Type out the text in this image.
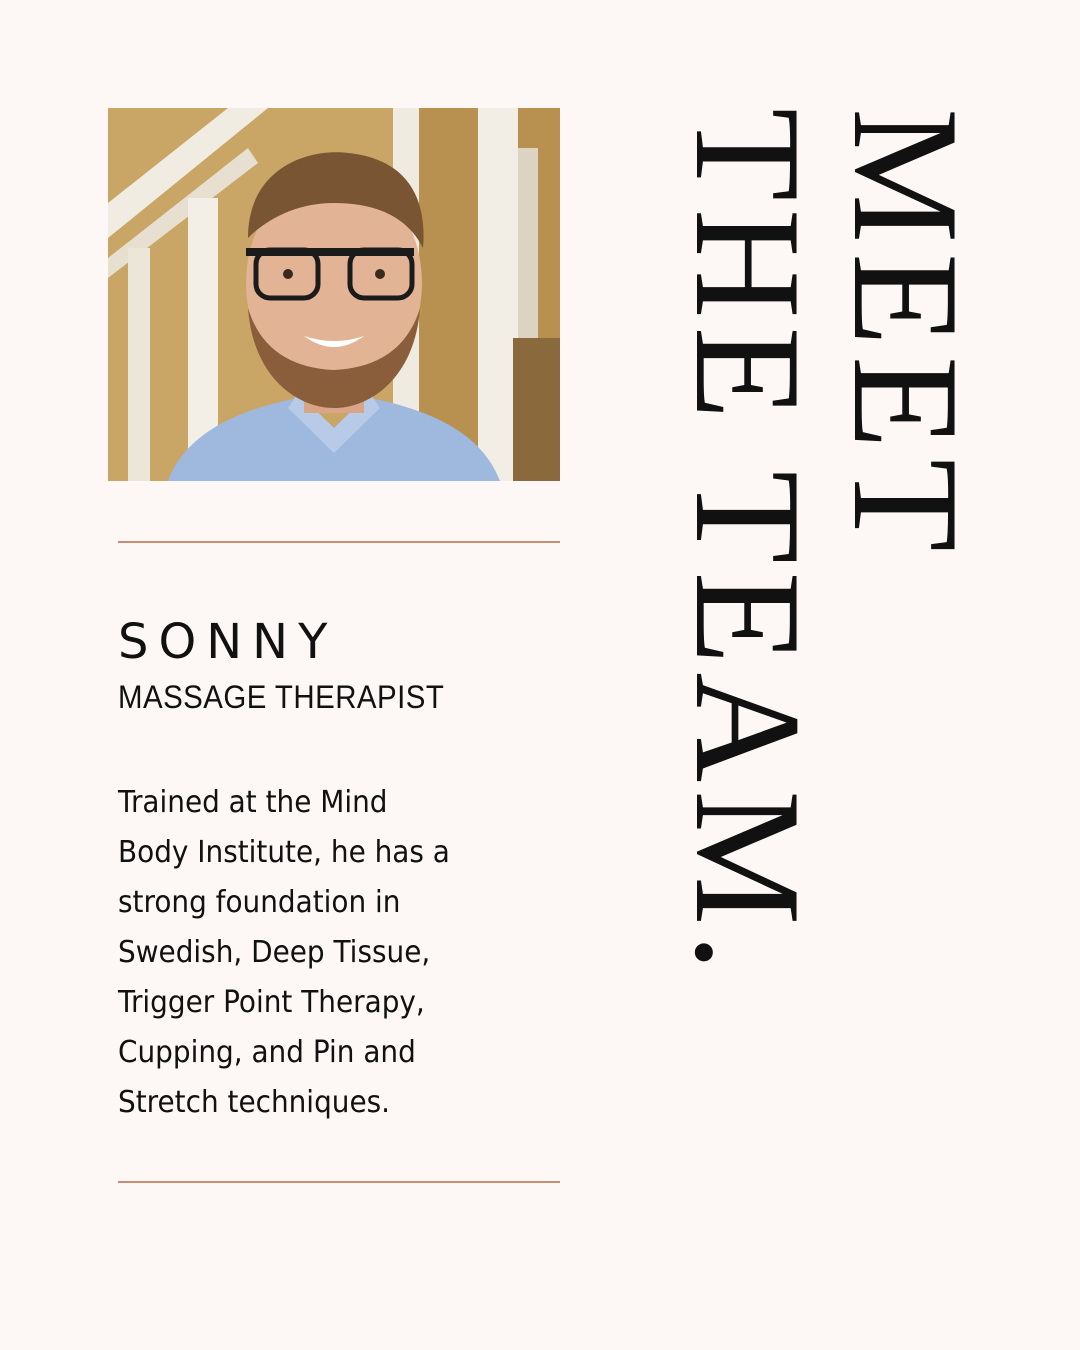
SONNY
MASSAGE THERAPIST
Trained at the Mind
Body Institute, he has a
strong foundation in
Swedish, Deep Tissue,
Trigger Point Therapy,
Cupping, and Pin and
Stretch techniques.
MEET
THE TEAM.
